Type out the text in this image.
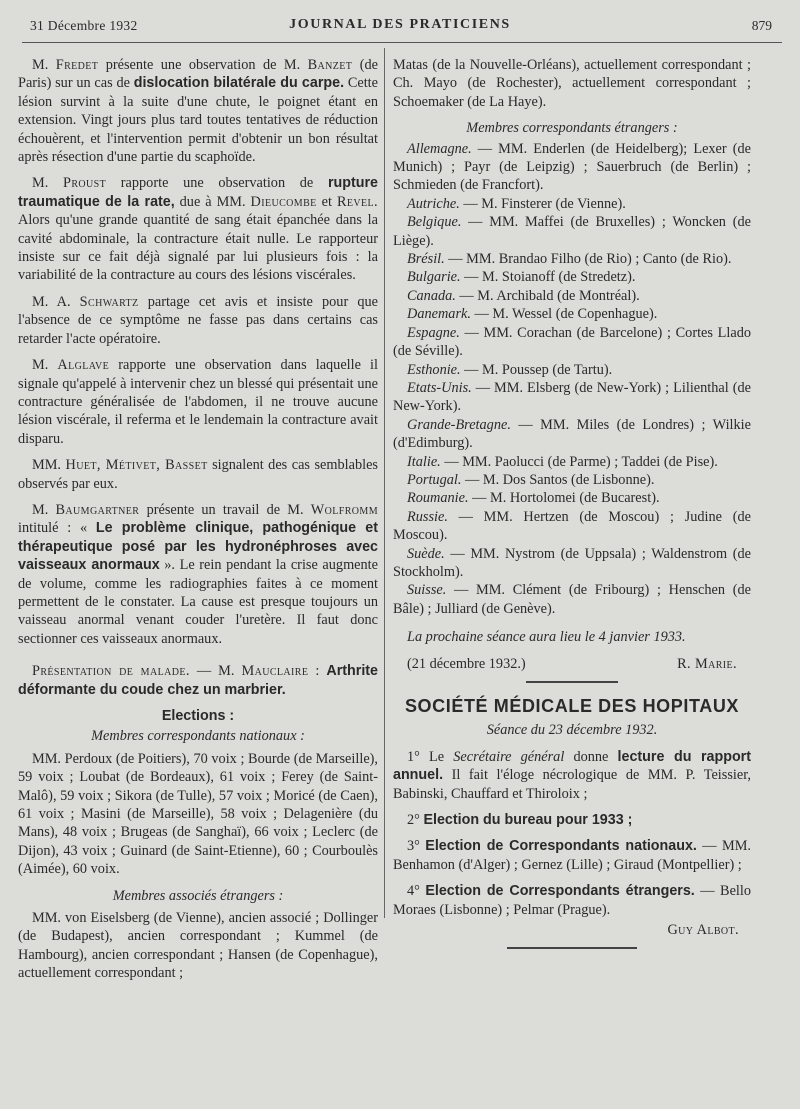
31 Décembre 1932	JOURNAL DES PRATICIENS	879

M. Fredet présente une observation de M. Banzet (de Paris) sur un cas de dislocation bilatérale du carpe. Cette lésion survint à la suite d'une chute, le poignet étant en extension. Vingt jours plus tard toutes tentatives de réduction échouèrent, et l'intervention permit d'obtenir un bon résultat après résection d'une partie du scaphoïde.

M. Proust rapporte une observation de rupture traumatique de la rate, due à MM. Dieucombe et Revel. Alors qu'une grande quantité de sang était épanchée dans la cavité abdominale, la contracture était nulle. Le rapporteur insiste sur ce fait déjà signalé par lui plusieurs fois : la variabilité de la contracture au cours des lésions viscérales.

M. A. Schwartz partage cet avis et insiste pour que l'absence de ce symptôme ne fasse pas dans certains cas retarder l'acte opératoire.

M. Alglave rapporte une observation dans laquelle il signale qu'appelé à intervenir chez un blessé qui présentait une contracture généralisée de l'abdomen, il ne trouve aucune lésion viscérale, il referma et le lendemain la contracture avait disparu.

MM. Huet, Métivet, Basset signalent des cas semblables observés par eux.

M. Baumgartner présente un travail de M. Wolfromm intitulé : « Le problème clinique, pathogénique et thérapeutique posé par les hydronéphroses avec vaisseaux anormaux ». Le rein pendant la crise augmente de volume, comme les radiographies faites à ce moment permettent de le constater. La cause est presque toujours un vaisseau anormal venant couder l'uretère. Il faut donc sectionner ces vaisseaux anormaux.

Présentation de malade. — M. Mauclaire : Arthrite déformante du coude chez un marbrier.

Elections :

Membres correspondants nationaux :

MM. Perdoux (de Poitiers), 70 voix ; Bourde (de Marseille), 59 voix ; Loubat (de Bordeaux), 61 voix ; Ferey (de Saint-Malô), 59 voix ; Sikora (de Tulle), 57 voix ; Moricé (de Caen), 61 voix ; Masini (de Marseille), 58 voix ; Delagenière (du Mans), 48 voix ; Brugeas (de Sanghaï), 66 voix ; Leclerc (de Dijon), 43 voix ; Guinard (de Saint-Etienne), 60 ; Courboulès (Aimée), 60 voix.

Membres associés étrangers :

MM. von Eiselsberg (de Vienne), ancien associé ; Dollinger (de Budapest), ancien correspondant ; Kummel (de Hambourg), ancien correspondant ; Hansen (de Copenhague), actuellement correspondant ;

Matas (de la Nouvelle-Orléans), actuellement correspondant ; Ch. Mayo (de Rochester), actuellement correspondant ; Schoemaker (de La Haye).

Membres correspondants étrangers :

Allemagne. — MM. Enderlen (de Heidelberg); Lexer (de Munich) ; Payr (de Leipzig) ; Sauerbruch (de Berlin) ; Schmieden (de Francfort).

Autriche. — M. Finsterer (de Vienne).

Belgique. — MM. Maffei (de Bruxelles) ; Woncken (de Liège).

Brésil. — MM. Brandao Filho (de Rio) ; Canto (de Rio).

Bulgarie. — M. Stoianoff (de Stredetz).

Canada. — M. Archibald (de Montréal).

Danemark. — M. Wessel (de Copenhague).

Espagne. — MM. Corachan (de Barcelone) ; Cortes Llado (de Séville).

Esthonie. — M. Poussep (de Tartu).

Etats-Unis. — MM. Elsberg (de New-York) ; Lilienthal (de New-York).

Grande-Bretagne. — MM. Miles (de Londres) ; Wilkie (d'Edimburg).

Italie. — MM. Paolucci (de Parme) ; Taddei (de Pise).

Portugal. — M. Dos Santos (de Lisbonne).

Roumanie. — M. Hortolomei (de Bucarest).

Russie. — MM. Hertzen (de Moscou) ; Judine (de Moscou).

Suède. — MM. Nystrom (de Uppsala) ; Waldenstrom (de Stockholm).

Suisse. — MM. Clément (de Fribourg) ; Henschen (de Bâle) ; Julliard (de Genève).

La prochaine séance aura lieu le 4 janvier 1933.

(21 décembre 1932.)	R. Marie.
SOCIÉTÉ MÉDICALE DES HOPITAUX

Séance du 23 décembre 1932.

1° Le Secrétaire général donne lecture du rapport annuel. Il fait l'éloge nécrologique de MM. P. Teissier, Babinski, Chauffard et Thiroloix ;

2° Election du bureau pour 1933 ;

3° Election de Correspondants nationaux. — MM. Benhamon (d'Alger) ; Gernez (Lille) ; Giraud (Montpellier) ;

4° Election de Correspondants étrangers. — Bello Moraes (Lisbonne) ; Pelmar (Prague).

Guy Albot.
